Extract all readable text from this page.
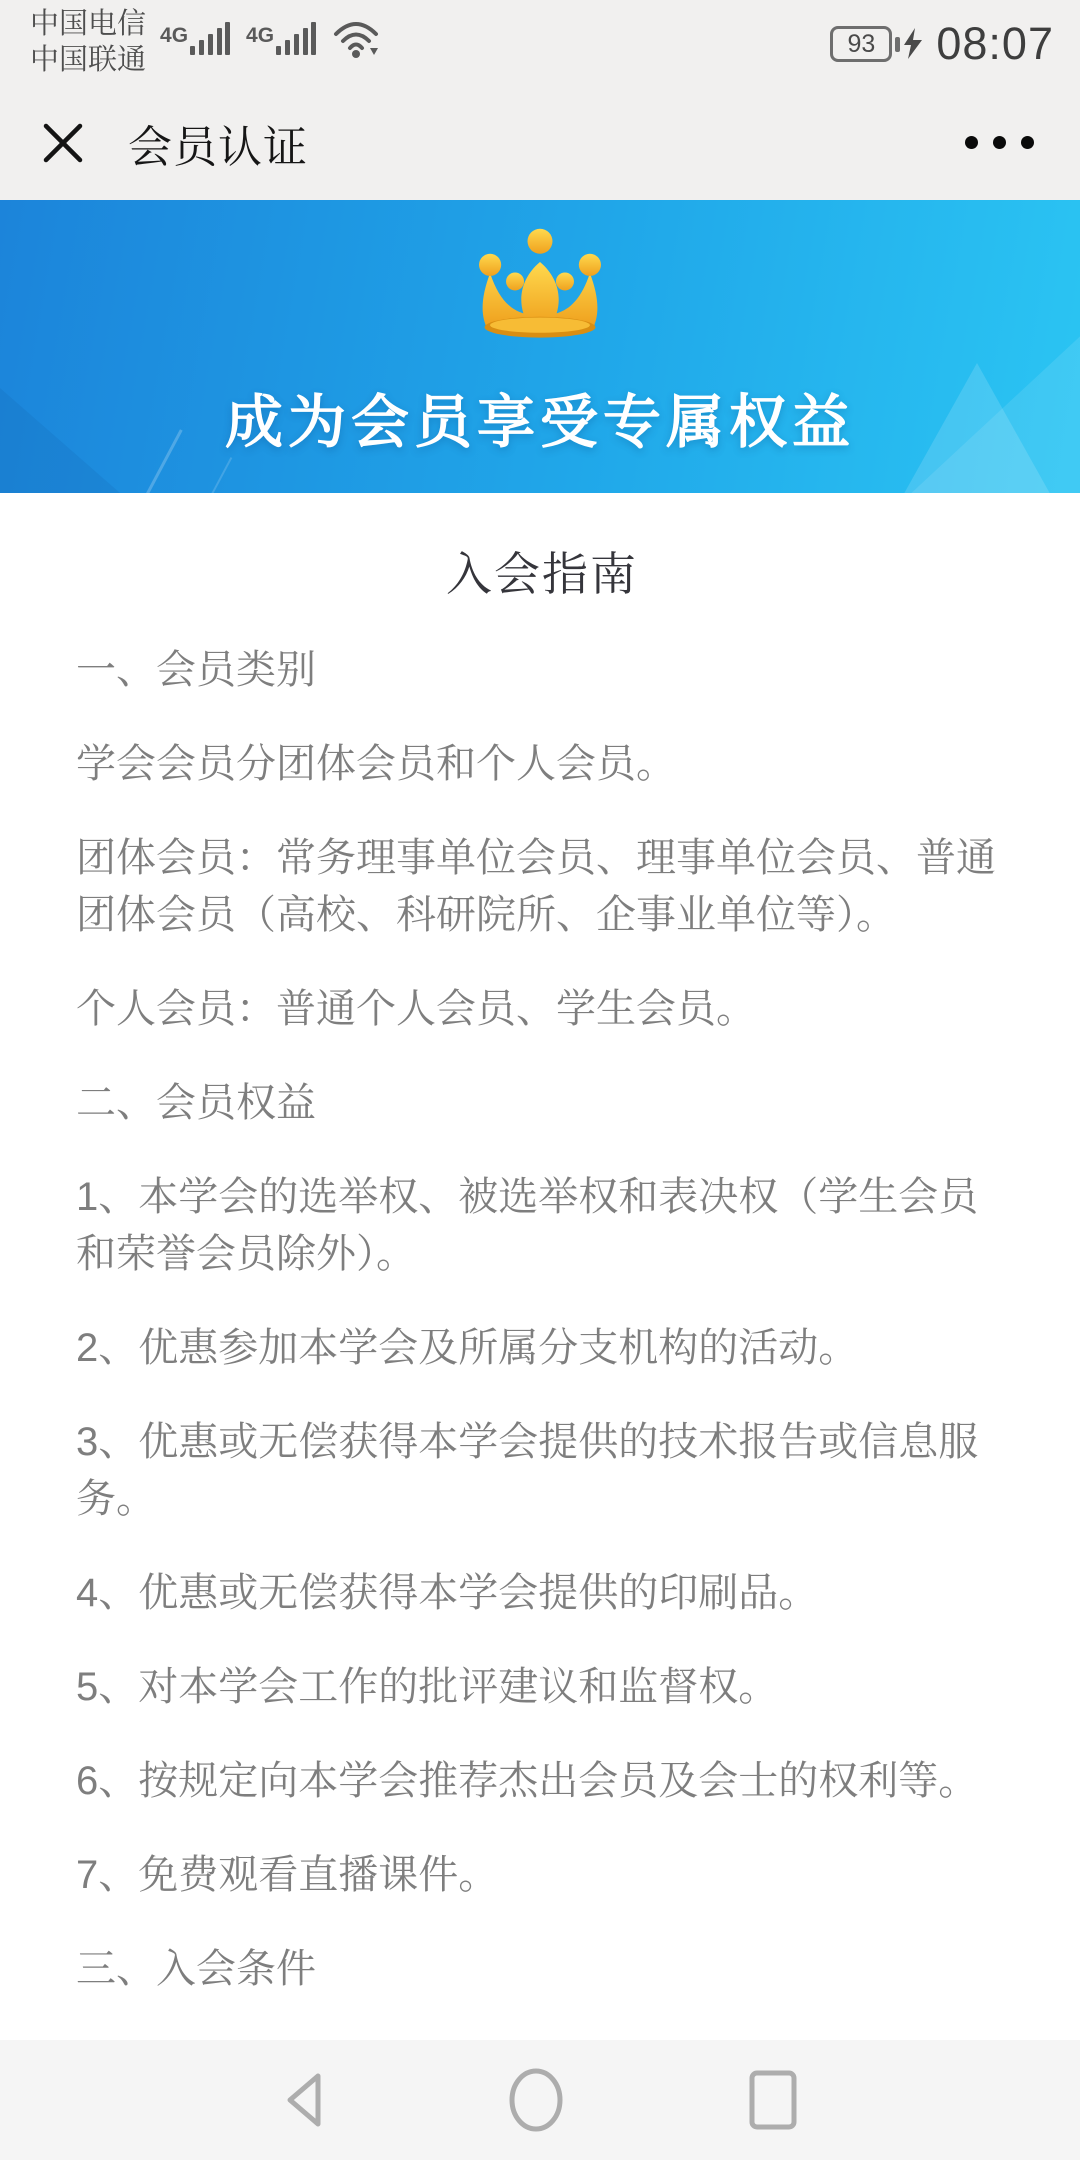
中国电信
中国联通
4G	4G	93 08:07
会员认证
成为会员享受专属权益
入会指南

一、会员类别

学会会员分团体会员和个人会员。

团体会员：常务理事单位会员、理事单位会员、普通团体会员（高校、科研院所、企事业单位等）。

个人会员：普通个人会员、学生会员。

二、会员权益

1、本学会的选举权、被选举权和表决权（学生会员和荣誉会员除外）。

2、优惠参加本学会及所属分支机构的活动。

3、优惠或无偿获得本学会提供的技术报告或信息服务。

4、优惠或无偿获得本学会提供的印刷品。

5、对本学会工作的批评建议和监督权。

6、按规定向本学会推荐杰出会员及会士的权利等。

7、免费观看直播课件。

三、入会条件
